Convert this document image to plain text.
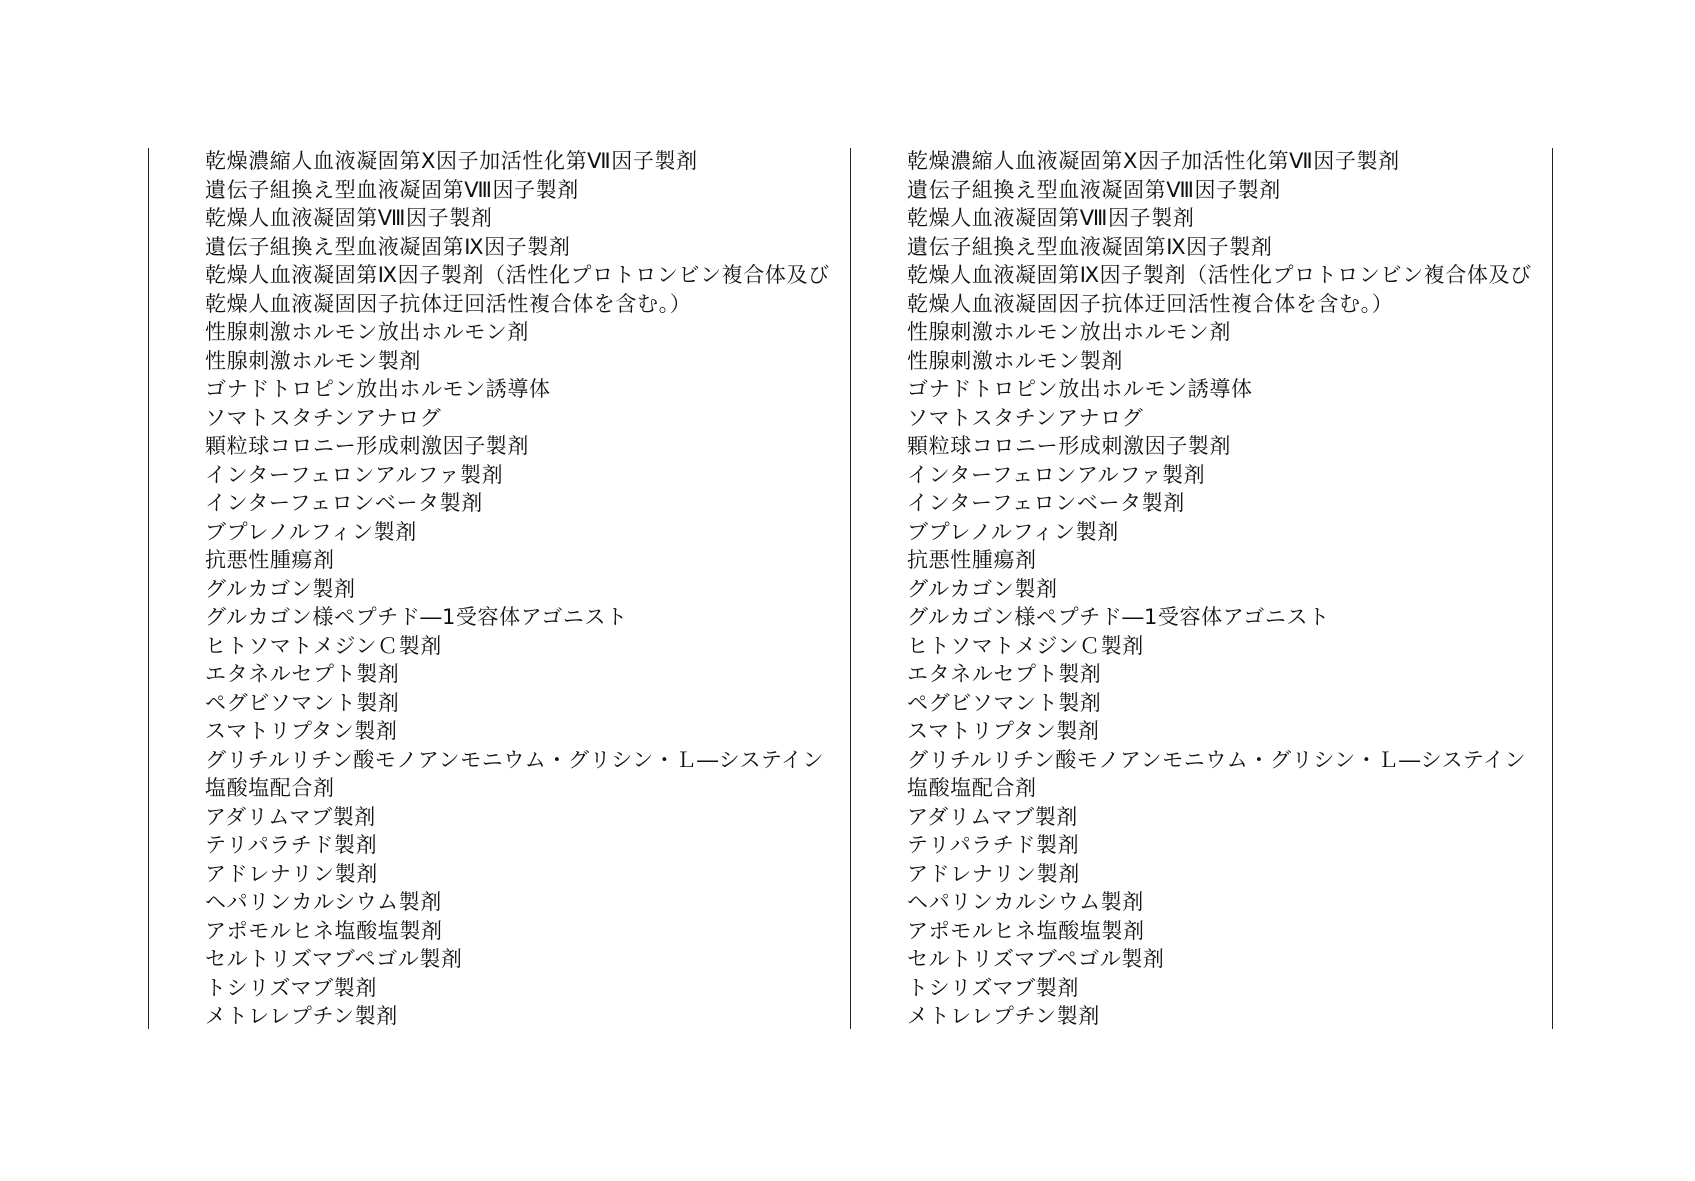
乾燥濃縮人血液凝固第Ⅹ因子加活性化第Ⅶ因子製剤
遺伝子組換え型血液凝固第Ⅷ因子製剤
乾燥人血液凝固第Ⅷ因子製剤
遺伝子組換え型血液凝固第Ⅸ因子製剤
乾燥人血液凝固第Ⅸ因子製剤（活性化プロトロンビン複合体及び
乾燥人血液凝固因子抗体迂回活性複合体を含む。）
性腺刺激ホルモン放出ホルモン剤
性腺刺激ホルモン製剤
ゴナドトロピン放出ホルモン誘導体
ソマトスタチンアナログ
顆粒球コロニー形成刺激因子製剤
インターフェロンアルファ製剤
インターフェロンベータ製剤
ブプレノルフィン製剤
抗悪性腫瘍剤
グルカゴン製剤
グルカゴン様ペプチド―1受容体アゴニスト
ヒトソマトメジンＣ製剤
エタネルセプト製剤
ペグビソマント製剤
スマトリプタン製剤
グリチルリチン酸モノアンモニウム・グリシン・Ｌ―システイン
塩酸塩配合剤
アダリムマブ製剤
テリパラチド製剤
アドレナリン製剤
ヘパリンカルシウム製剤
アポモルヒネ塩酸塩製剤
セルトリズマブペゴル製剤
トシリズマブ製剤
メトレレプチン製剤
乾燥濃縮人血液凝固第Ⅹ因子加活性化第Ⅶ因子製剤
遺伝子組換え型血液凝固第Ⅷ因子製剤
乾燥人血液凝固第Ⅷ因子製剤
遺伝子組換え型血液凝固第Ⅸ因子製剤
乾燥人血液凝固第Ⅸ因子製剤（活性化プロトロンビン複合体及び
乾燥人血液凝固因子抗体迂回活性複合体を含む。）
性腺刺激ホルモン放出ホルモン剤
性腺刺激ホルモン製剤
ゴナドトロピン放出ホルモン誘導体
ソマトスタチンアナログ
顆粒球コロニー形成刺激因子製剤
インターフェロンアルファ製剤
インターフェロンベータ製剤
ブプレノルフィン製剤
抗悪性腫瘍剤
グルカゴン製剤
グルカゴン様ペプチド―1受容体アゴニスト
ヒトソマトメジンＣ製剤
エタネルセプト製剤
ペグビソマント製剤
スマトリプタン製剤
グリチルリチン酸モノアンモニウム・グリシン・Ｌ―システイン
塩酸塩配合剤
アダリムマブ製剤
テリパラチド製剤
アドレナリン製剤
ヘパリンカルシウム製剤
アポモルヒネ塩酸塩製剤
セルトリズマブペゴル製剤
トシリズマブ製剤
メトレレプチン製剤
